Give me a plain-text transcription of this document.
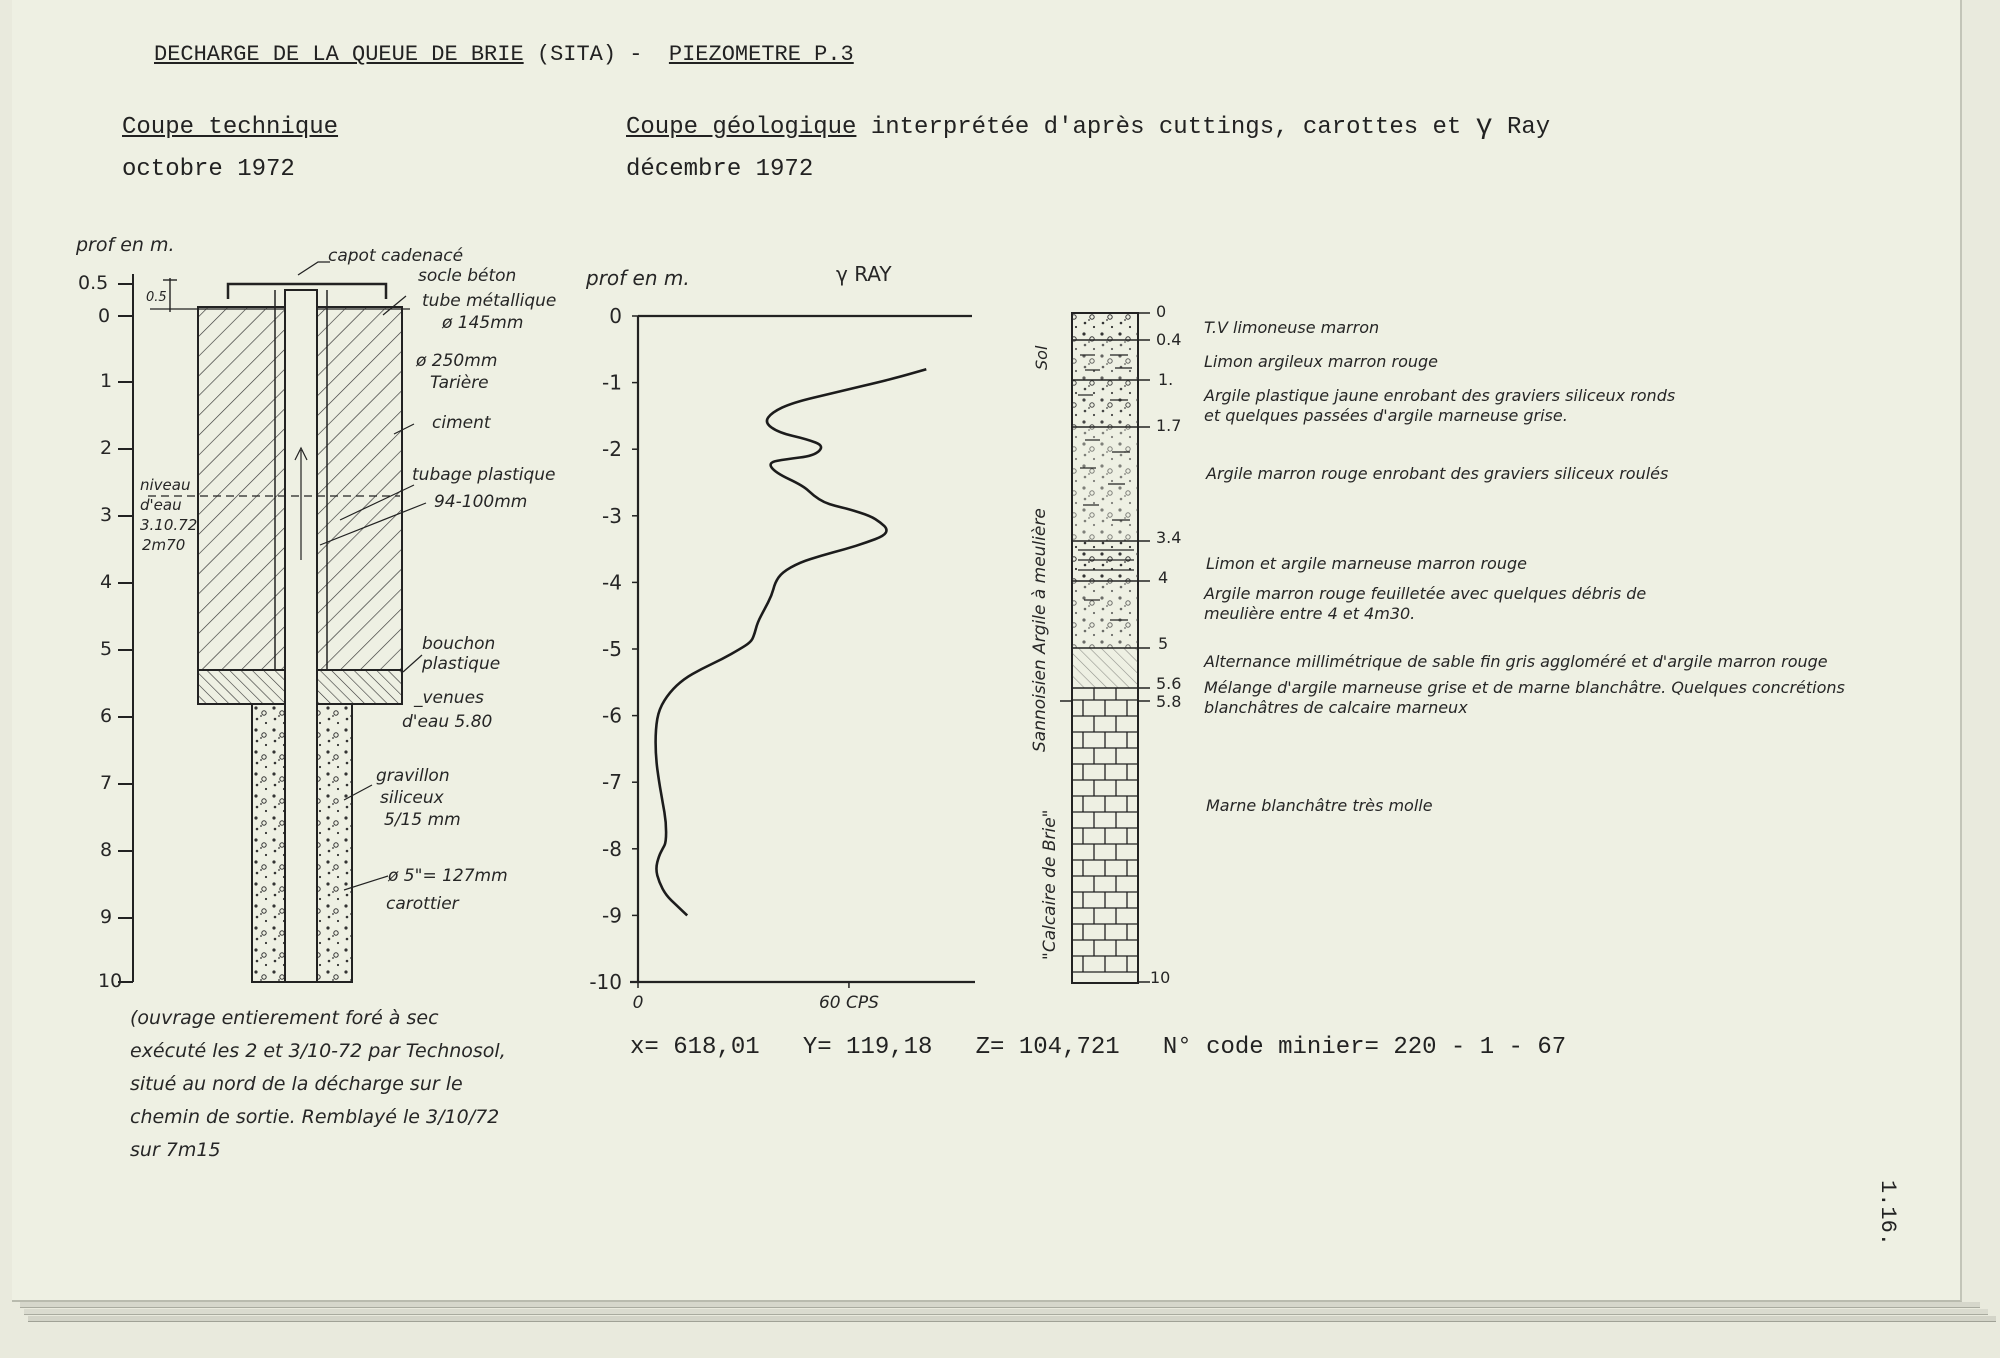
DECHARGE DE LA QUEUE DE BRIE (SITA) -  PIEZOMETRE P.3
Coupe technique
octobre 1972
Coupe géologique interprétée d'après cuttings, carottes et γ Ray
décembre 1972
0
-1
-2
-3
-4
-5
-6
-7
-8
-9
-10
0	60 CPS
prof en m.
0.5
0
1
2
3
4
5
6
7
8
9
10
0.5
capot cadenacé
socle béton
tube métallique
ø 145mm
ø 250mm
Tarière
ciment
tubage plastique
94-100mm
niveau
d'eau
3.10.72
2m70
bouchon
plastique
_venues
d'eau 5.80
gravillon
siliceux
5/15 mm
ø 5"= 127mm
carottier
(ouvrage entierement foré à sec
exécuté les 2 et 3/10-72 par Technosol,
situé au nord de la décharge sur le
chemin de sortie. Remblayé le 3/10/72
sur 7m15
prof en m.	γ RAY
0
0.4
1.
1.7
3.4
4
5
5.6
5.8
10
Sol
Sannoisien Argile à meulière
"Calcaire de Brie"
T.V limoneuse marron
Limon argileux marron rouge
Argile plastique jaune enrobant des graviers siliceux ronds
et quelques passées d'argile marneuse grise.
Argile marron rouge enrobant des graviers siliceux roulés
Limon et argile marneuse marron rouge
Argile marron rouge feuilletée avec quelques débris de
meulière entre 4 et 4m30.
Alternance millimétrique de sable fin gris aggloméré et d'argile marron rouge
Mélange d'argile marneuse grise et de marne blanchâtre. Quelques concrétions
blanchâtres de calcaire marneux
Marne blanchâtre très molle
x= 618,01   Y= 119,18   Z= 104,721   N° code minier= 220 - 1 - 67
1.16.
